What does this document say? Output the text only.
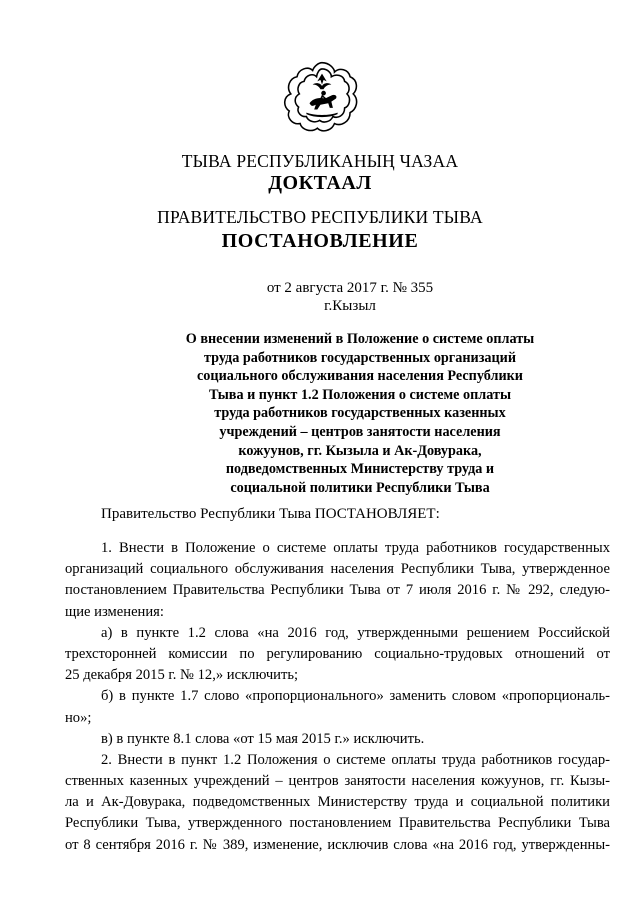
ТЫВА РЕСПУБЛИКАНЫҢ ЧАЗАА
ДОКТААЛ
ПРАВИТЕЛЬСТВО РЕСПУБЛИКИ ТЫВА
ПОСТАНОВЛЕНИЕ
от 2 августа 2017 г. № 355
г.Кызыл
О внесении изменений в Положение о системе оплаты
труда работников государственных организаций
социального обслуживания населения Республики
Тыва и пункт 1.2 Положения о системе оплаты
труда работников государственных казенных
учреждений – центров занятости населения
кожуунов, гг. Кызыла и Ак-Довурака,
подведомственных Министерству труда и
социальной политики Республики Тыва
Правительство Республики Тыва ПОСТАНОВЛЯЕТ:
1. Внести в Положение о системе оплаты труда работников государственных
организаций социального обслуживания населения Республики Тыва, утвержденное
постановлением Правительства Республики Тыва от 7 июля 2016 г. № 292, следую-
щие изменения:
а) в пункте 1.2 слова «на 2016 год, утвержденными решением Российской
трехсторонней комиссии по регулированию социально-трудовых отношений от
25 декабря 2015 г. № 12,» исключить;
б) в пункте 1.7 слово «пропорционального» заменить словом «пропорциональ-
но»;
в) в пункте 8.1 слова «от 15 мая 2015 г.» исключить.
2. Внести в пункт 1.2 Положения о системе оплаты труда работников государ-
ственных казенных учреждений – центров занятости населения кожуунов, гг. Кызы-
ла и Ак-Довурака, подведомственных Министерству труда и социальной политики
Республики Тыва, утвержденного постановлением Правительства Республики Тыва
от 8 сентября 2016 г. № 389, изменение, исключив слова «на 2016 год, утвержденны-
